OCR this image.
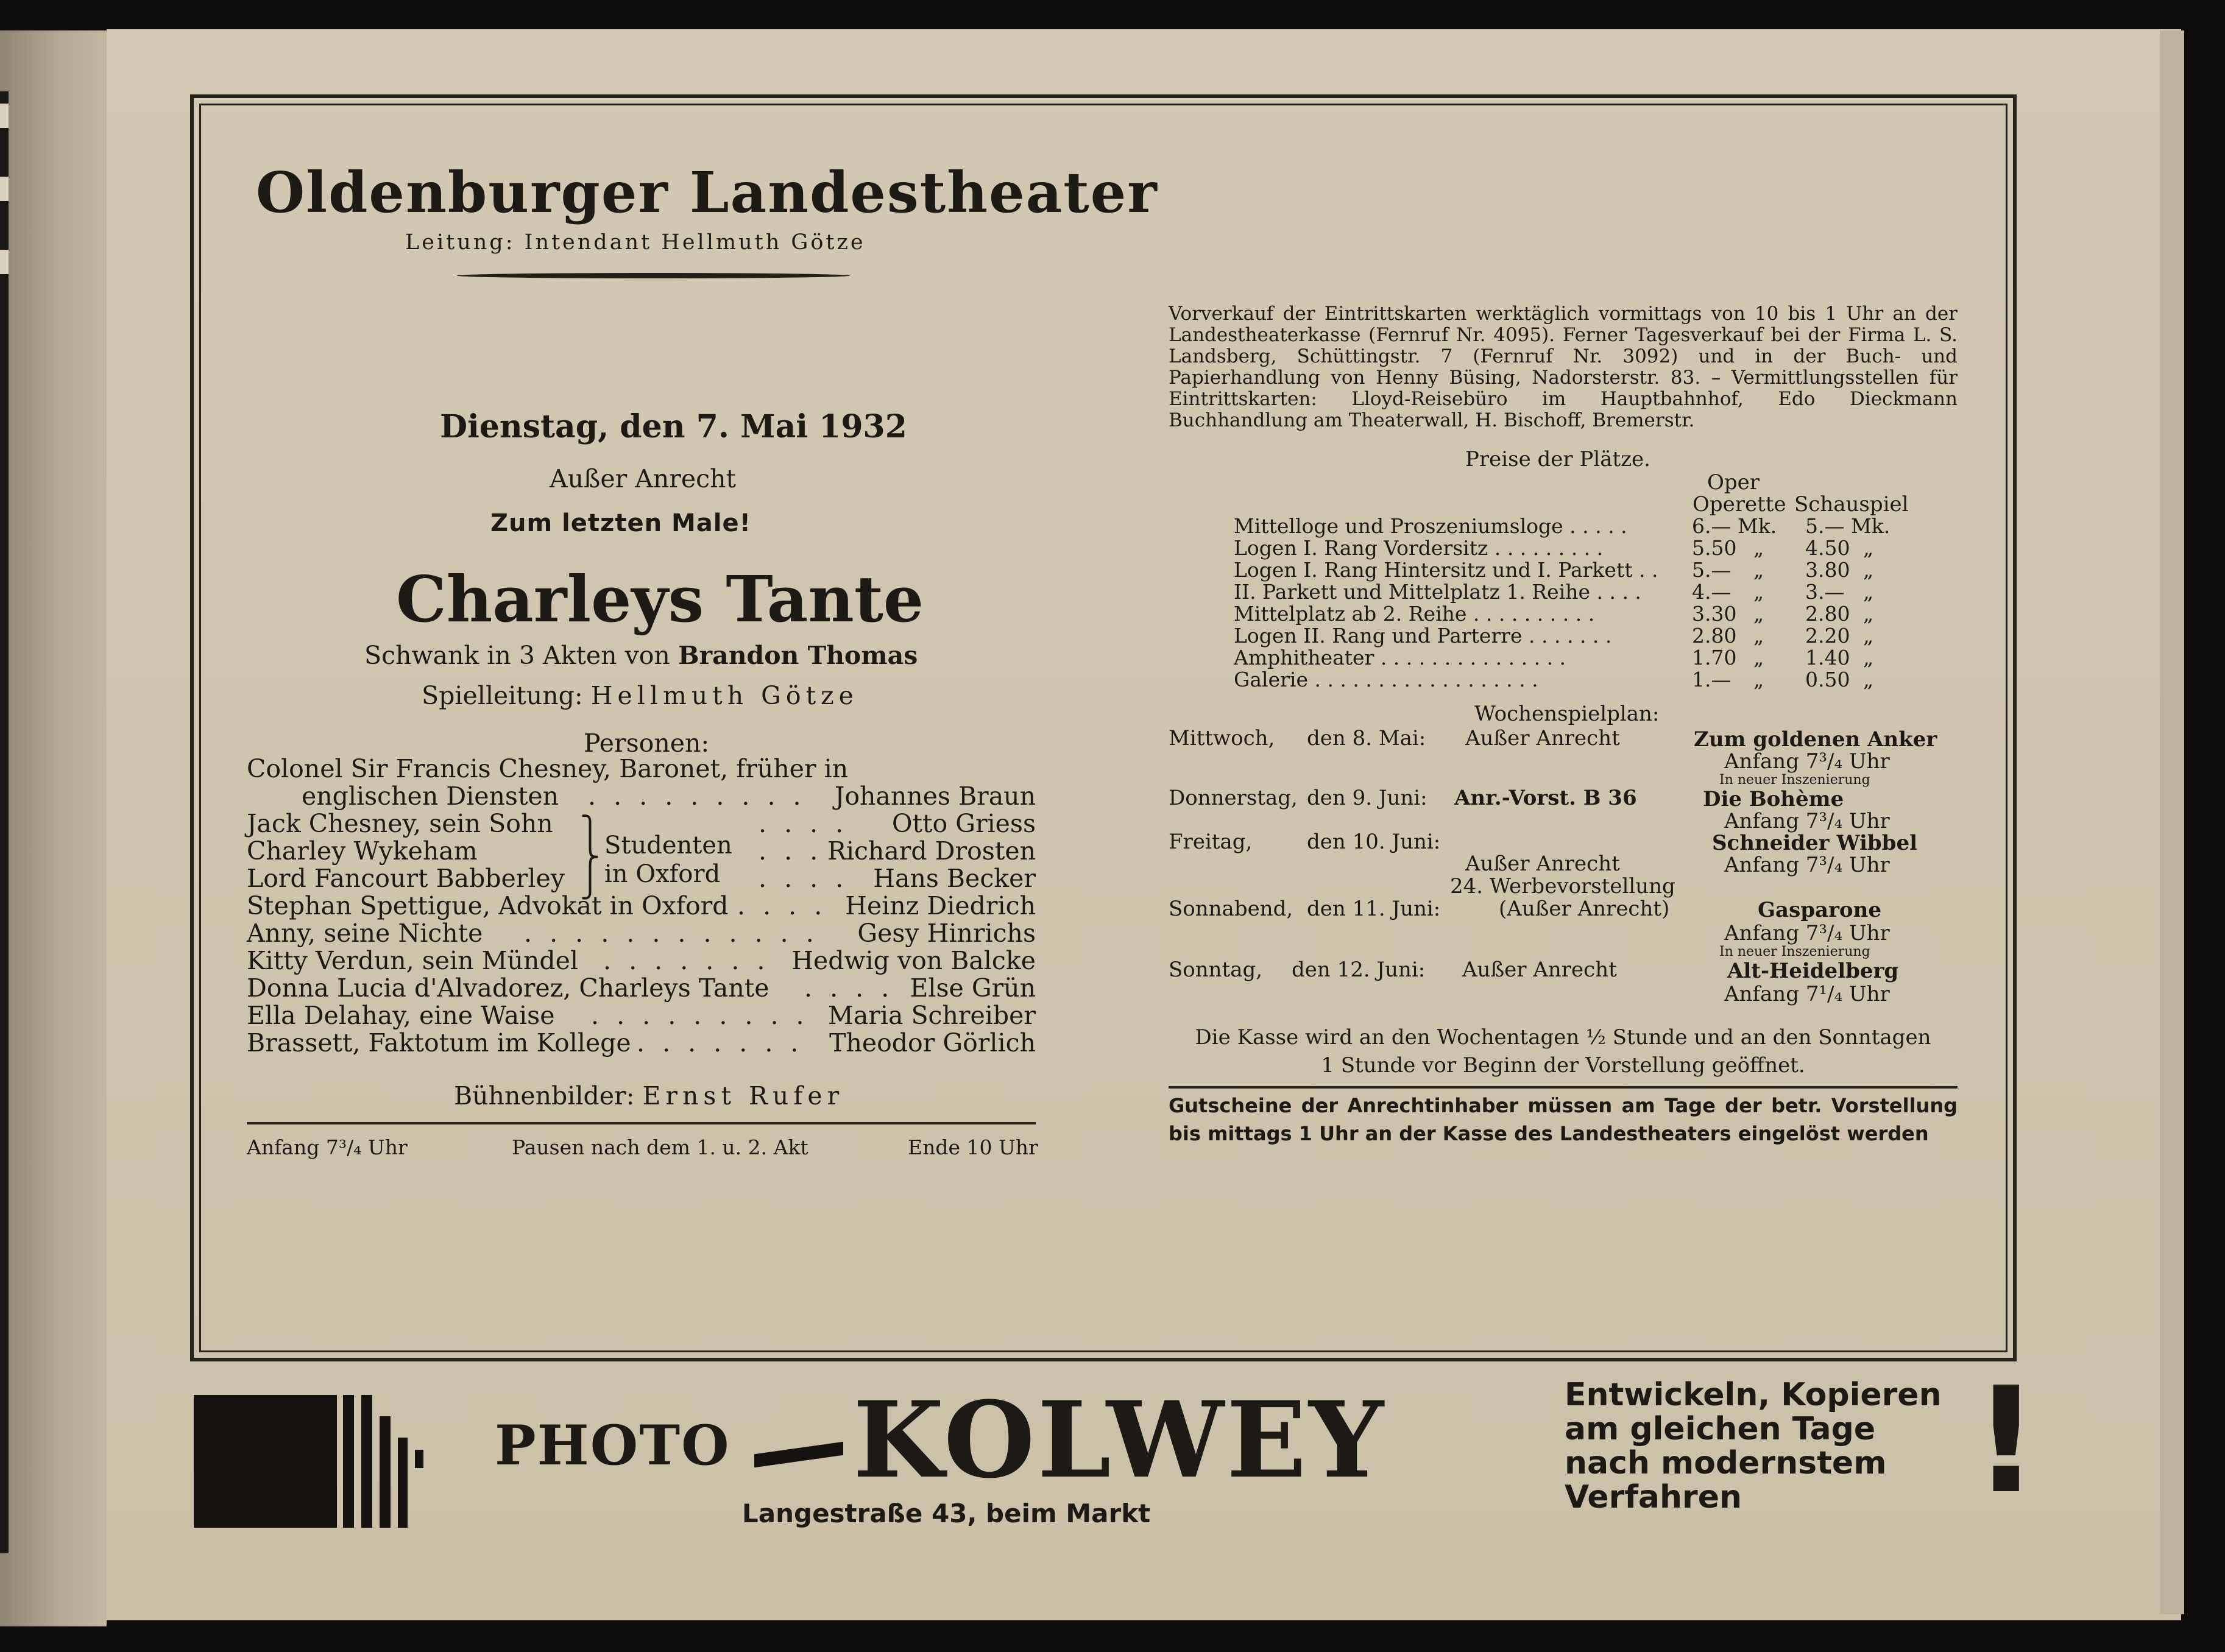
Oldenburger Landestheater
Leitung: Intendant Hellmuth Götze
Dienstag, den 7. Mai 1932
Außer Anrecht
Zum letzten Male!
Charleys Tante
Schwank in 3 Akten von Brandon Thomas
Spielleitung: Hellmuth Götze
Personen:
Colonel Sir Francis Chesney, Baronet, früher in
englischen Diensten . . . . . . . . . Johannes Braun
Jack Chesney, sein Sohn	. . . . Otto Griess
Charley Wykeham	. . . Richard Drosten
Lord Fancourt Babberley	. . . . Hans Becker
Stephan Spettigue, Advokat in Oxford . . . . Heinz Diedrich
Anny, seine Nichte . . . . . . . . . . . . Gesy Hinrichs
Kitty Verdun, sein Mündel . . . . . . . Hedwig von Balcke
Donna Lucia d'Alvadorez, Charleys Tante . . . . Else Grün
Ella Delahay, eine Waise . . . . . . . . . Maria Schreiber
Brassett, Faktotum im Kollege . . . . . . . Theodor Görlich
⎫
⎬
⎭
Studenten
in Oxford
Bühnenbilder: Ernst Rufer
Anfang 7³/₄ Uhr	Pausen nach dem 1. u. 2. Akt	Ende 10 Uhr
Vorverkauf der Eintrittskarten werktäglich vormittags von 10 bis 1 Uhr an der Landestheaterkasse (Fernruf Nr. 4095). Ferner Tagesverkauf bei der Firma L. S. Landsberg, Schüttingstr. 7 (Fernruf Nr. 3092) und in der Buch- und Papierhandlung von Henny Büsing, Nadorsterstr. 83. – Vermittlungsstellen für Eintrittskarten: Lloyd-Reisebüro im Hauptbahnhof, Edo Dieckmann Buchhandlung am Theaterwall, H. Bischoff, Bremerstr.
Preise der Plätze.
Oper
Operette Schauspiel
Mittelloge und Proszeniumsloge . . . . .	6.— Mk. 5.— Mk.
Logen I. Rang Vordersitz . . . . . . . . .	5.50 „ 4.50 „
Logen I. Rang Hintersitz und I. Parkett . . 5.— „ 3.80 „
II. Parkett und Mittelplatz 1. Reihe . . . .	4.— „ 3.— „
Mittelplatz ab 2. Reihe . . . . . . . . . .	3.30 „ 2.80 „
Logen II. Rang und Parterre . . . . . . .	2.80 „ 2.20 „
Amphitheater . . . . . . . . . . . . . . .	1.70 „ 1.40 „
Galerie . . . . . . . . . . . . . . . . . .	1.— „ 0.50 „
Wochenspielplan:
Mittwoch, den 8. Mai: Außer Anrecht	Zum goldenen Anker
Anfang 7³/₄ Uhr
In neuer Inszenierung
Donnerstag, den 9. Juni: Anr.-Vorst. B 36	Die Bohème
Anfang 7³/₄ Uhr
Freitag,	den 10. Juni:	Schneider Wibbel
Außer Anrecht	Anfang 7³/₄ Uhr
24. Werbevorstellung
Sonnabend, den 11. Juni:	(Außer Anrecht)	Gasparone
Anfang 7³/₄ Uhr
In neuer Inszenierung
Sonntag, den 12. Juni: Außer Anrecht	Alt-Heidelberg
Anfang 7¹/₄ Uhr
Die Kasse wird an den Wochentagen ½ Stunde und an den Sonntagen
1 Stunde vor Beginn der Vorstellung geöffnet.
Gutscheine der Anrechtinhaber müssen am Tage der betr. Vorstellung bis mittags 1 Uhr an der Kasse des Landestheaters eingelöst werden
PHOTO KOLWEY
Langestraße 43, beim Markt
Entwickeln, Kopieren
am gleichen Tage
nach modernstem
Verfahren	!
